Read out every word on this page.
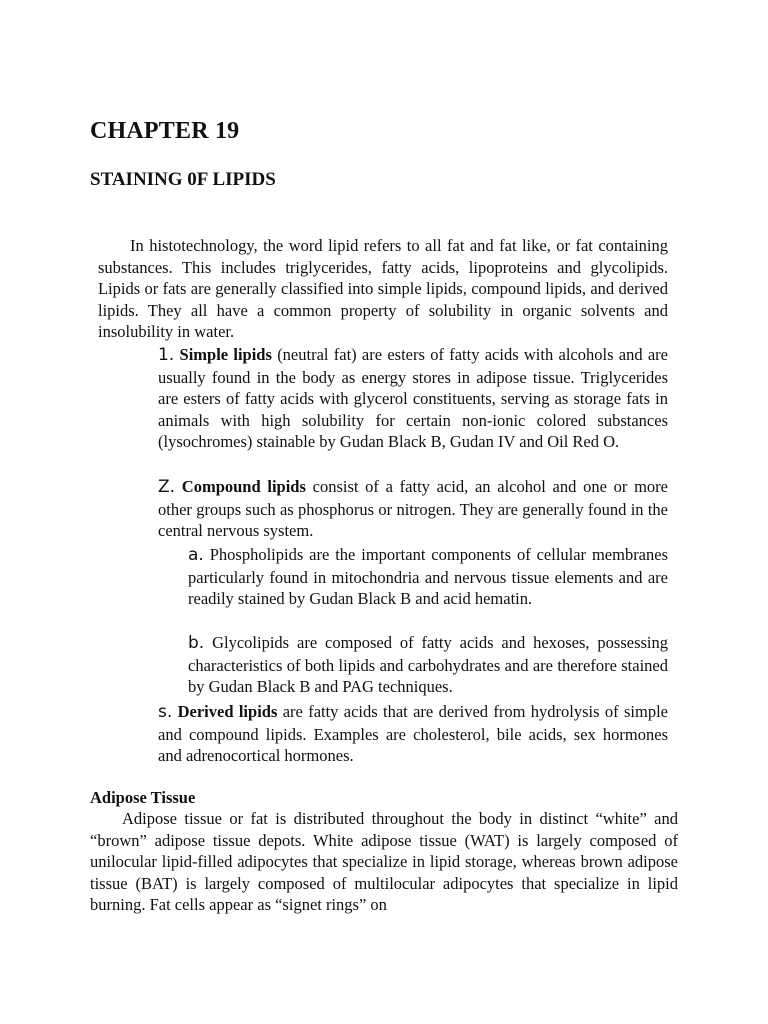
CHAPTER 19
STAINING 0F LIPIDS
In histotechnology, the word lipid refers to all fat and fat like, or fat containing substances. This includes triglycerides, fatty acids, lipoproteins and glycolipids. Lipids or fats are generally classified into simple lipids, compound lipids, and derived lipids. They all have a common property of solubility in organic solvents and insolubility in water.
1. Simple lipids (neutral fat) are esters of fatty acids with alcohols and are usually found in the body as energy stores in adipose tissue. Triglycerides are esters of fatty acids with glycerol constituents, serving as storage fats in animals with high solubility for certain non-ionic colored substances (lysochromes) stainable by Gudan Black B, Gudan IV and Oil Red O.
Z. Compound lipids consist of a fatty acid, an alcohol and one or more other groups such as phosphorus or nitrogen. They are generally found in the central nervous system.
a. Phospholipids are the important components of cellular membranes particularly found in mitochondria and nervous tissue elements and are readily stained by Gudan Black B and acid hematin.
b. Glycolipids are composed of fatty acids and hexoses, possessing characteristics of both lipids and carbohydrates and are therefore stained by Gudan Black B and PAG techniques.
s. Derived lipids are fatty acids that are derived from hydrolysis of simple and compound lipids. Examples are cholesterol, bile acids, sex hormones and adrenocortical hormones.
Adipose Tissue
Adipose tissue or fat is distributed throughout the body in distinct “white” and “brown” adipose tissue depots. White adipose tissue (WAT) is largely composed of unilocular lipid-filled adipocytes that specialize in lipid storage, whereas brown adipose tissue (BAT) is largely composed of multilocular adipocytes that specialize in lipid burning. Fat cells appear as “signet rings” on
